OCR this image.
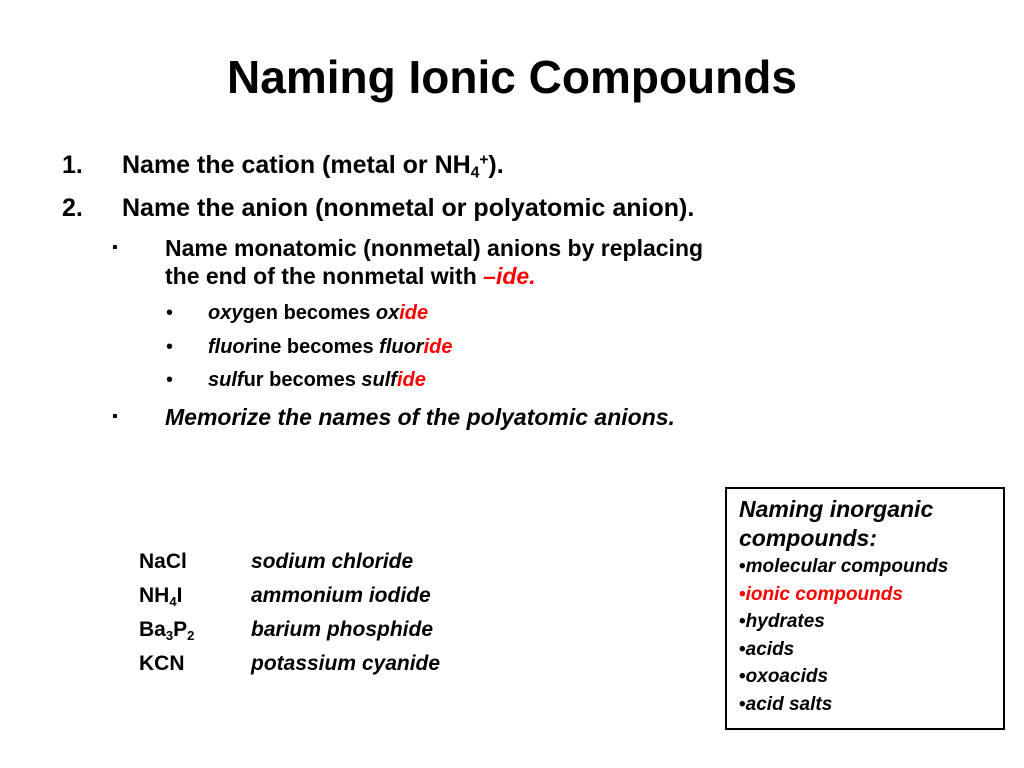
Naming Ionic Compounds
1. Name the cation (metal or $NH_4^+$).
2. Name the anion (nonmetal or polyatomic anion).
▪ Name monatomic (nonmetal) anions by replacing
the end of the nonmetal with –ide.
• oxygen becomes oxide
• fluorine becomes fluoride
• sulfur becomes sulfide
▪ Memorize the names of the polyatomic anions.
NaCl	sodium chloride
$NH_4I$	ammonium iodide
$Ba_3P_2$	barium phosphide
KCN	potassium cyanide
Naming inorganic
compounds:
•molecular compounds
•ionic compounds
•hydrates
•acids
•oxoacids
•acid salts
